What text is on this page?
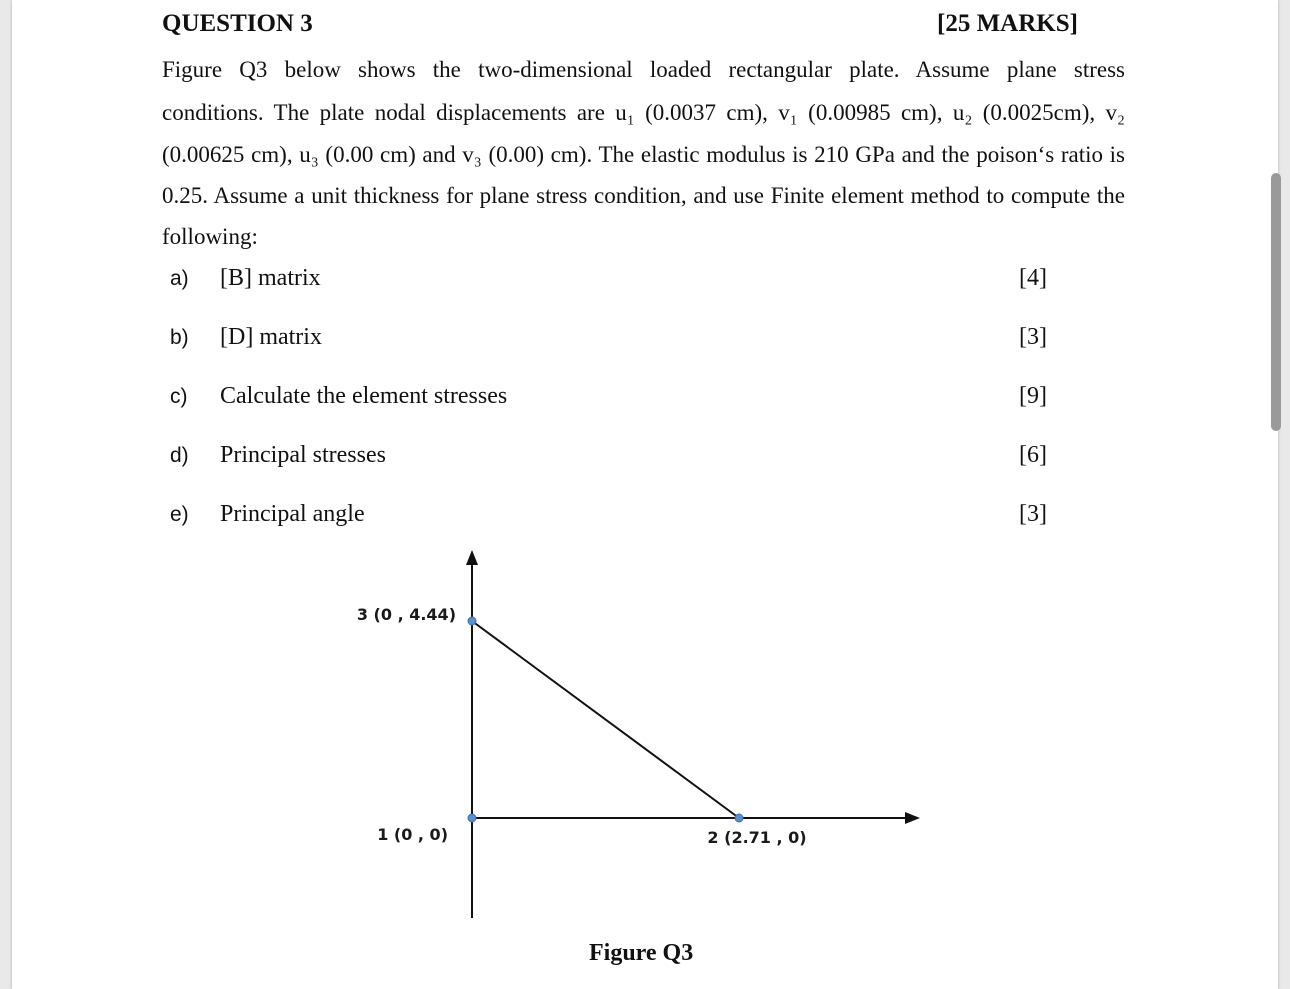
QUESTION 3	[25 MARKS]
Figure Q3 below shows the two-dimensional loaded rectangular plate. Assume plane stress
conditions. The plate nodal displacements are u₁ (0.0037 cm), v₁ (0.00985 cm), u₂ (0.0025cm), v₂
(0.00625 cm), u₃ (0.00 cm) and v₃ (0.00) cm). The elastic modulus is 210 GPa and the poison‘s ratio is
0.25. Assume a unit thickness for plane stress condition, and use Finite element method to compute the
following:
a) [B] matrix	[4]
b) [D] matrix	[3]
c) Calculate the element stresses	[9]
d) Principal stresses	[6]
e) Principal angle	[3]
3 (0 , 4.44)
1 (0 , 0)	2 (2.71 , 0)
Figure Q3
